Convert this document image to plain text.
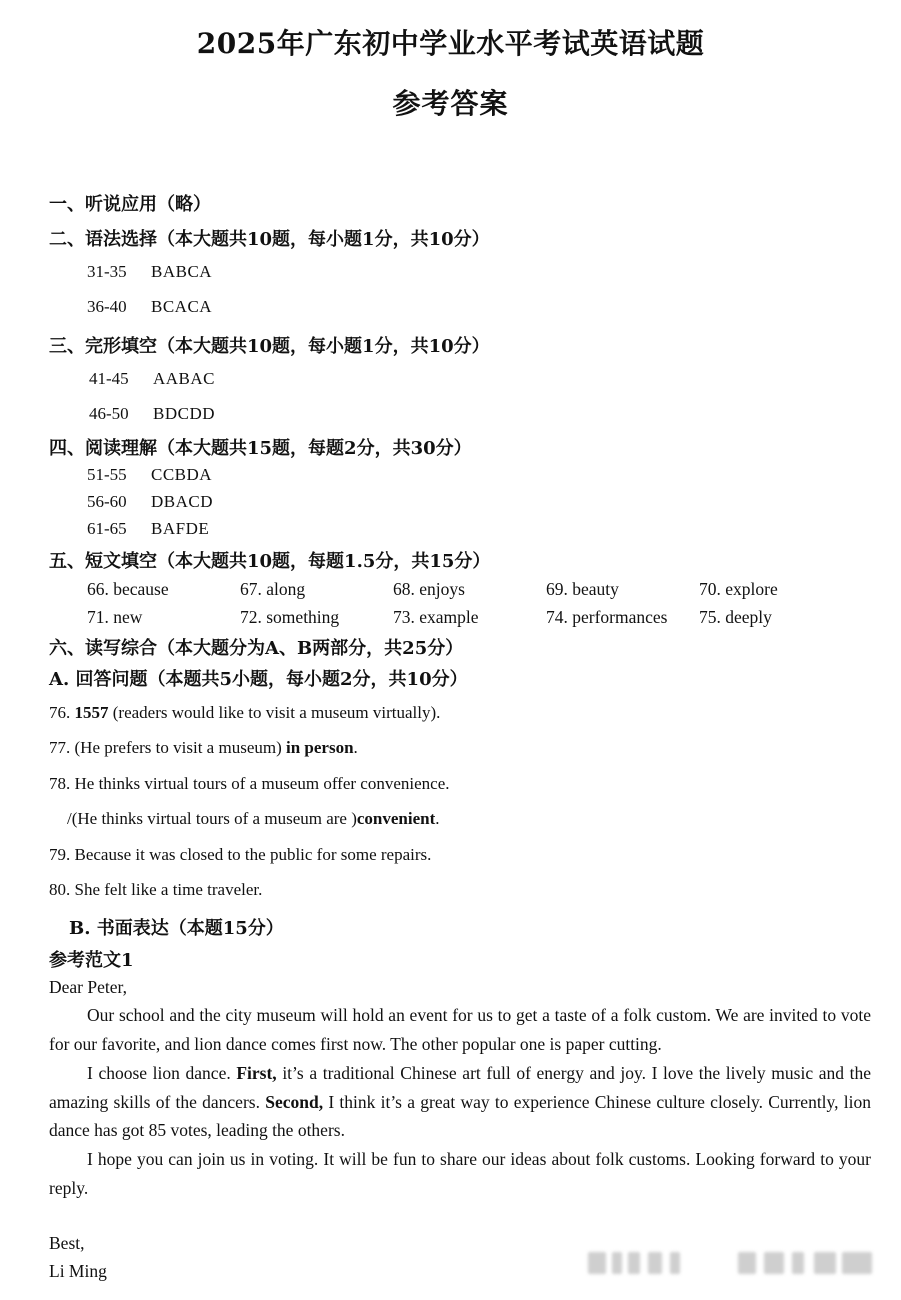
2025年广东初中学业水平考试英语试题
参考答案
一、听说应用（略）
二、语法选择（本大题共10题，每小题1分，共10分）
31-35 BABCA
36-40 BCACA
三、完形填空（本大题共10题，每小题1分，共10分）
41-45 AABAC
46-50 BDCDD
四、阅读理解（本大题共15题，每题2分，共30分）
51-55 CCBDA
56-60 DBACD
61-65 BAFDE
五、短文填空（本大题共10题，每题1.5分，共15分）
66. because	67. along	68. enjoys	69. beauty	70. explore
71. new	72. something	73. example	74. performances 75. deeply
六、读写综合（本大题分为A、B两部分，共25分）
A. 回答问题（本题共5小题，每小题2分，共10分）
76. 1557 (readers would like to visit a museum virtually).
77. (He prefers to visit a museum) in person.
78. He thinks virtual tours of a museum offer convenience.
/(He thinks virtual tours of a museum are )convenient.
79. Because it was closed to the public for some repairs.
80. She felt like a time traveler.
B. 书面表达（本题15分）
参考范文1
Dear Peter,

Our school and the city museum will hold an event for us to get a taste of a folk custom. We are invited to vote for our favorite, and lion dance comes first now. The other popular one is paper cutting.

I choose lion dance. First, it’s a traditional Chinese art full of energy and joy. I love the lively music and the amazing skills of the dancers. Second, I think it’s a great way to experience Chinese culture closely. Currently, lion dance has got 85 votes, leading the others.

I hope you can join us in voting. It will be fun to share our ideas about folk customs. Looking forward to your reply.

Best,
Li Ming
